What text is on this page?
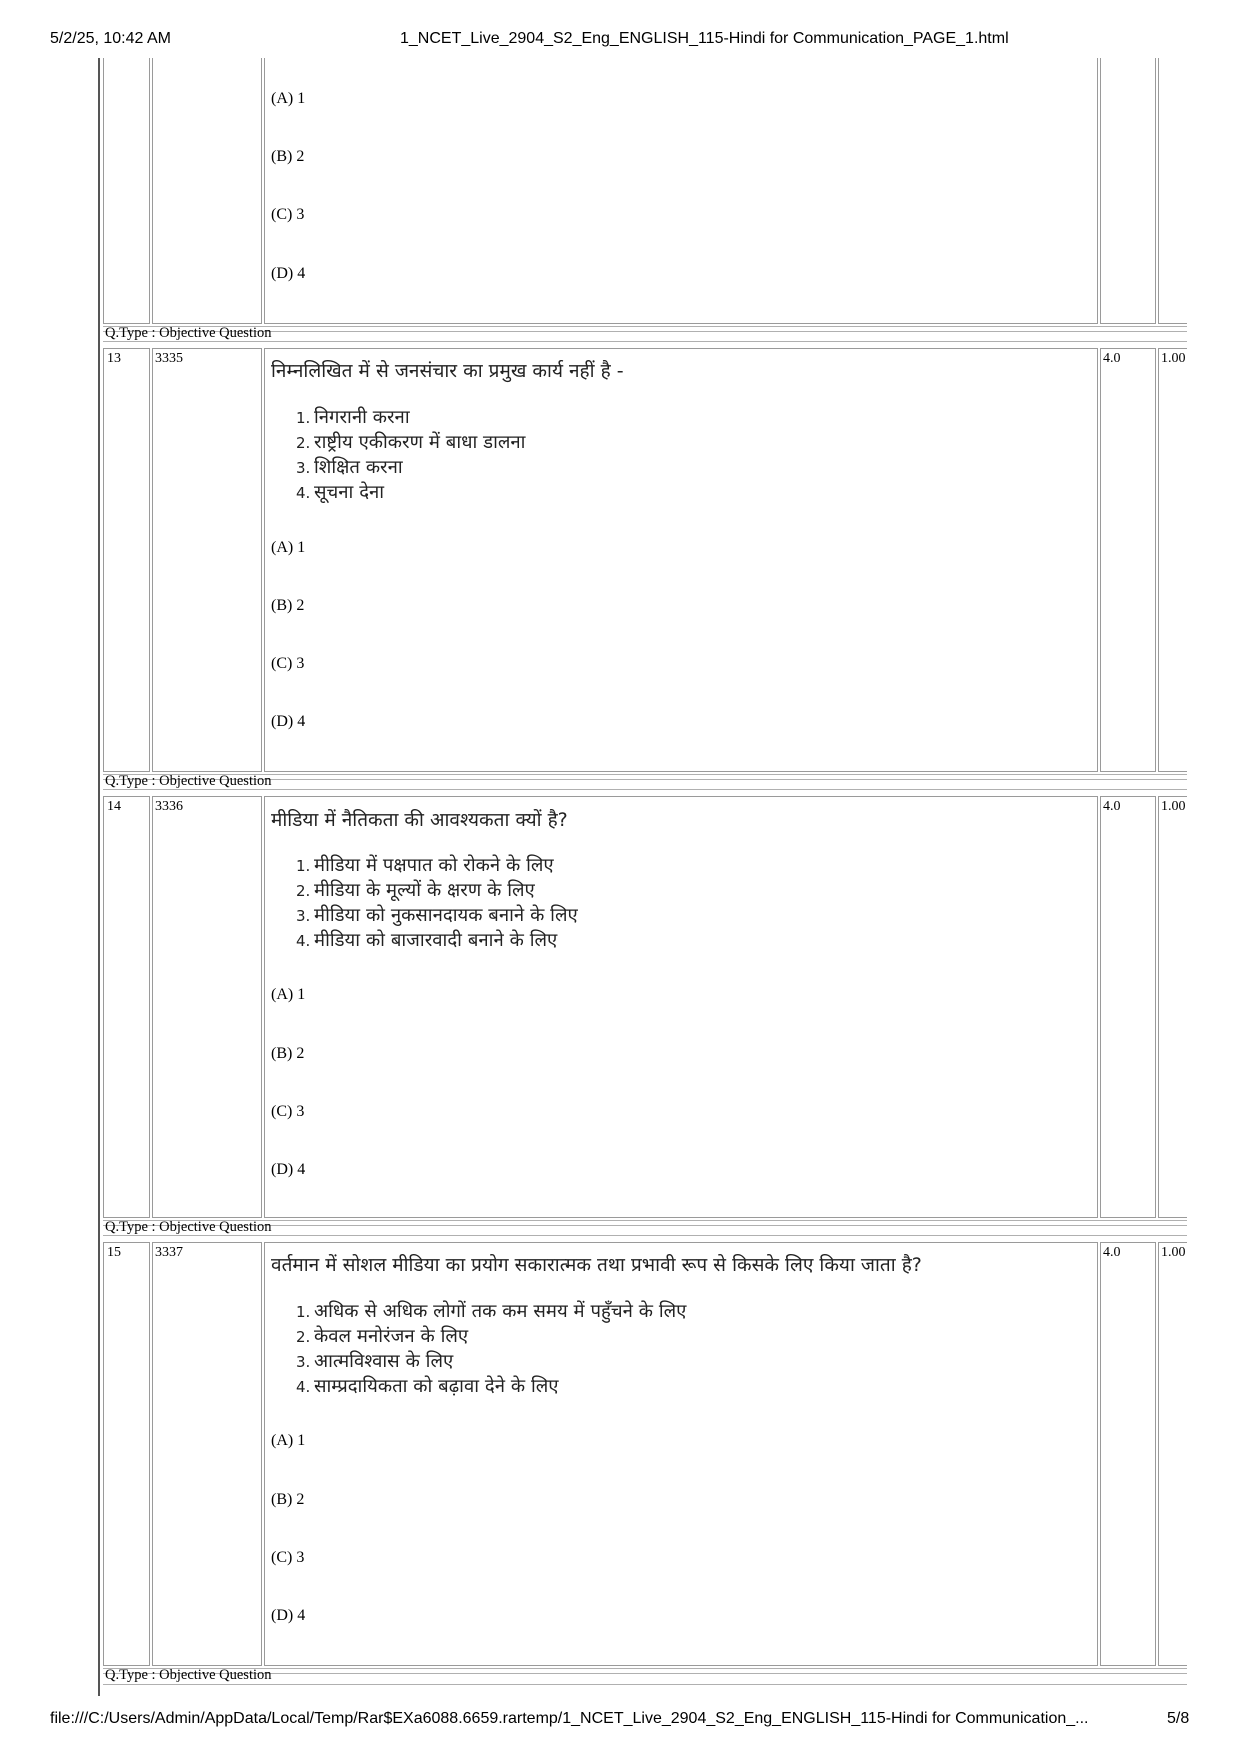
5/2/25, 10:42 AM	1_NCET_Live_2904_S2_Eng_ENGLISH_115-Hindi for Communication_PAGE_1.html
(A) 1
(B) 2
(C) 3
(D) 4
Q.Type : Objective Question
13 3335
निम्नलिखित में से जनसंचार का प्रमुख कार्य नहीं है -
1. निगरानी करना
2. राष्ट्रीय एकीकरण में बाधा डालना
3. शिक्षित करना
4. सूचना देना
(A) 1
(B) 2
(C) 3
(D) 4
4.0	1.00
Q.Type : Objective Question
14 3336
मीडिया में नैतिकता की आवश्यकता क्यों है?
1. मीडिया में पक्षपात को रोकने के लिए
2. मीडिया के मूल्यों के क्षरण के लिए
3. मीडिया को नुकसानदायक बनाने के लिए
4. मीडिया को बाजारवादी बनाने के लिए
(A) 1
(B) 2
(C) 3
(D) 4
4.0	1.00
Q.Type : Objective Question
15 3337
वर्तमान में सोशल मीडिया का प्रयोग सकारात्मक तथा प्रभावी रूप से किसके लिए किया जाता है?
1. अधिक से अधिक लोगों तक कम समय में पहुँचने के लिए
2. केवल मनोरंजन के लिए
3. आत्मविश्वास के लिए
4. साम्प्रदायिकता को बढ़ावा देने के लिए
(A) 1
(B) 2
(C) 3
(D) 4
4.0	1.00
Q.Type : Objective Question
file:///C:/Users/Admin/AppData/Local/Temp/Rar$EXa6088.6659.rartemp/1_NCET_Live_2904_S2_Eng_ENGLISH_115-Hindi for Communication_...	5/8
